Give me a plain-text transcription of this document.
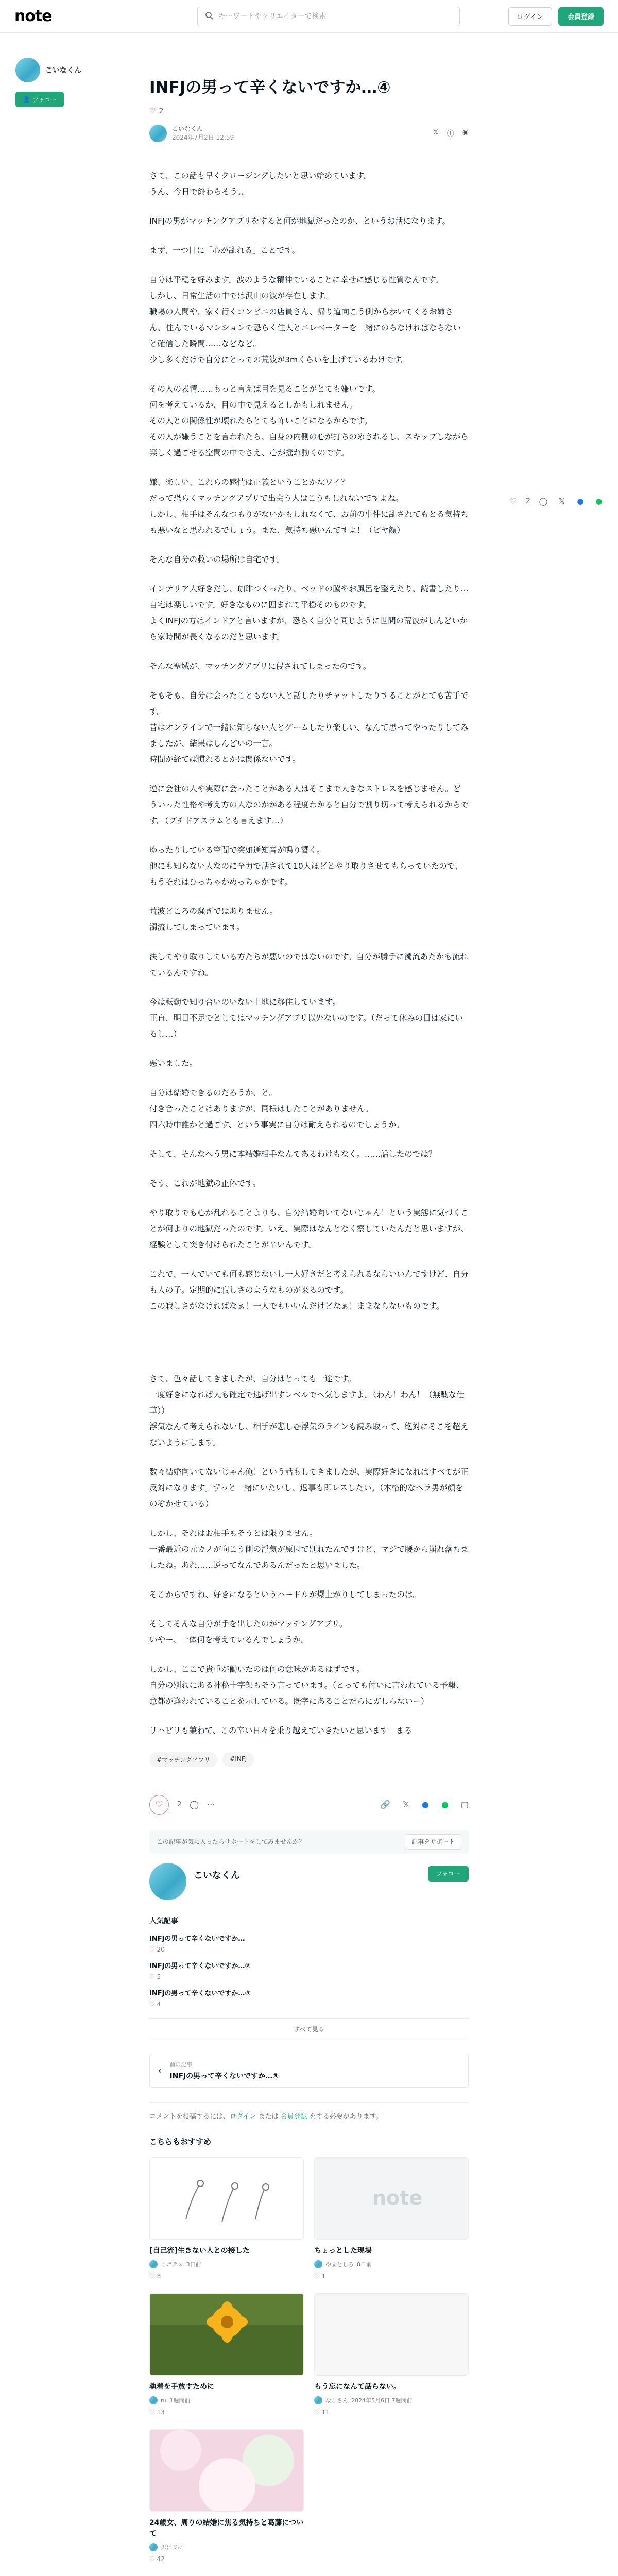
note
キーワードやクリエイターで検索	ログイン	会員登録
こいなくん
👤 フォロー
♡	2 ◯	𝕏	● ●
INFJの男って辛くないですか…④
♡ 2
こいなくん
2024年7月2日 12:59
𝕏 ⓕ ◉

さて、この話も早くクロージングしたいと思い始めています。
うん、今日で終わらそう。。

INFJの男がマッチングアプリをすると何が地獄だったのか、というお話になります。

まず、一つ目に「心が乱れる」ことです。

自分は平穏を好みます。波のような精神でいることに幸せに感じる性質なんです。
しかし、日常生活の中では沢山の波が存在します。
職場の人間や、家く行くコンビニの店員さん、帰り道向こう側から歩いてくるお姉さん、住んでいるマンションで恐らく住人とエレベーターを一緒にのらなければならないと確信した瞬間……などなど。
少し多くだけで自分にとっての荒波が3mくらいを上げているわけです。

その人の表情……もっと言えば目を見ることがとても嫌いです。
何を考えているか、目の中で見えるとしかもしれません。
その人との関係性が壊れたらとても怖いことになるからです。
その人が嫌うことを言われたら、自身の内側の心が打ちのめされるし、スキップしながら楽しく過ごせる空間の中でさえ、心が揺れ動くのです。

嫌、楽しい、これらの感情は正義ということかなワイ？
だって恐らくマッチングアプリで出会う人はこうもしれないですよね。
しかし、相手はそんなつもりがないかもしれなくて、お前の事件に乱されてもとる気持ちも悪いなと思われるでしょう。また、気持ち悪いんですよ！（ピヤ顔）

そんな自分の救いの場所は自宅です。

インテリア大好きだし、珈琲つくったり、ベッドの脇やお風呂を整えたり、読書したり…自宅は楽しいです。好きなものに囲まれて平穏そのものです。
よくINFJの方はインドアと言いますが、恐らく自分と同じように世間の荒波がしんどいから家時間が長くなるのだと思います。

そんな聖域が、マッチングアプリに侵されてしまったのです。

そもそも、自分は会ったこともない人と話したりチャットしたりすることがとても苦手です。
昔はオンラインで一緒に知らない人とゲームしたり楽しい、なんて思ってやったりしてみましたが、結果はしんどいの一言。
時間が経てば慣れるとかは関係ないです。

逆に会社の人や実際に会ったことがある人はそこまで大きなストレスを感じません。どういった性格や考え方の人なのかがある程度わかると自分で割り切って考えられるからです。（プチドアスラムとも言えます…）

ゆったりしている空間で突如通知音が鳴り響く。
他にも知らない人なのに全力で話されて10人ほどとやり取りさせてもらっていたので、もうそれはひっちゃかめっちゃかです。

荒波どころの騒ぎではありません。
濁流してしまっています。

決してやり取りしている方たちが悪いのではないのです。自分が勝手に濁流あたかも流れているんですね。

今は転勤で知り合いのいない土地に移住しています。
正直、明日不足でとしてはマッチングアプリ以外ないのです。（だって休みの日は家にいるし…）

悪いました。

自分は結婚できるのだろうか、と。
付き合ったことはありますが、同様はしたことがありません。
四六時中誰かと過ごす、という事実に自分は耐えられるのでしょうか。

そして、そんなへう男に本結婚相手なんてあるわけもなく。……話したのでは？

そう、これが地獄の正体です。

やり取りでも心が乱れることよりも、自分結婚向いてないじゃん！という実態に気づくことが何よりの地獄だったのです。いえ、実際はなんとなく察していたんだと思いますが、経験として突き付けられたことが辛いんです。

これで、一人でいても何も感じないし一人好きだと考えられるならいいんですけど、自分も人の子。定期的に寂しさのようなものが来るのです。
この寂しさがなければなぁ！一人でもいいんだけどなぁ！ままならないものです。

さて、色々話してきましたが、自分はとっても一途です。
一度好きになれば大も確定で逃げ出すレベルでへ気しますよ。（わん！わん！（無駄な仕草））
浮気なんて考えられないし、相手が悲しむ浮気のラインも読み取って、絶対にそこを超えないようにします。

数々結婚向いてないじゃん俺！という話もしてきましたが、実際好きになればすべてが正反対になります。ずっと一緒にいたいし、返事も即レスしたい。（本格的なヘラ男が顔をのぞかせている）

しかし、それはお相手もそうとは限りません。
一番最近の元カノが向こう側の浮気が原因で別れたんですけど、マジで腰から崩れ落ちましたね。あれ……逆ってなんであるんだったと思いました。

そこからですね、好きになるというハードルが爆上がりしてしまったのは。

そしてそんな自分が手を出したのがマッチングアプリ。
いやー、一体何を考えているんでしょうか。

しかし、ここで貴重が働いたのは何の意味があるはずです。
自分の別れにある神秘十字架もそう言っています。（とっても付いに言われている予報、意都が逢われていることを示している。既字にあることだらにガしらないー）

リハビリも兼ねて、この辛い日々を乗り越えていきたいと思います　まる

#マッチングアプリ	#INFJ
♡	2 ◯ ···	🔗 𝕏 ● ● ▢
この記事が気に入ったらサポートをしてみませんか？	記事をサポート
こいなくん	フォロー
人気記事
INFJの男って辛くないですか…
♡ 20
INFJの男って辛くないですか…②
♡ 5
INFJの男って辛くないですか…③
♡ 4
すべて見る
‹
前の記事
INFJの男って辛くないですか…③
コメントを投稿するには、ログイン または 会員登録 をする必要があります。
こちらもおすすめ
[自己流]生きない人との接した
こボテス 3日前
♡ 8
note
ちょっとした現場
やまとしろ 8日前
♡ 1
執着を手放すために
ru 1週間前
♡ 13
もう忘になんて話らない。
なこさん 2024年5月6日 7週間前
♡ 11
24歳女、周りの結婚に焦る気持ちと葛藤について
ぷにぷに
♡ 42
